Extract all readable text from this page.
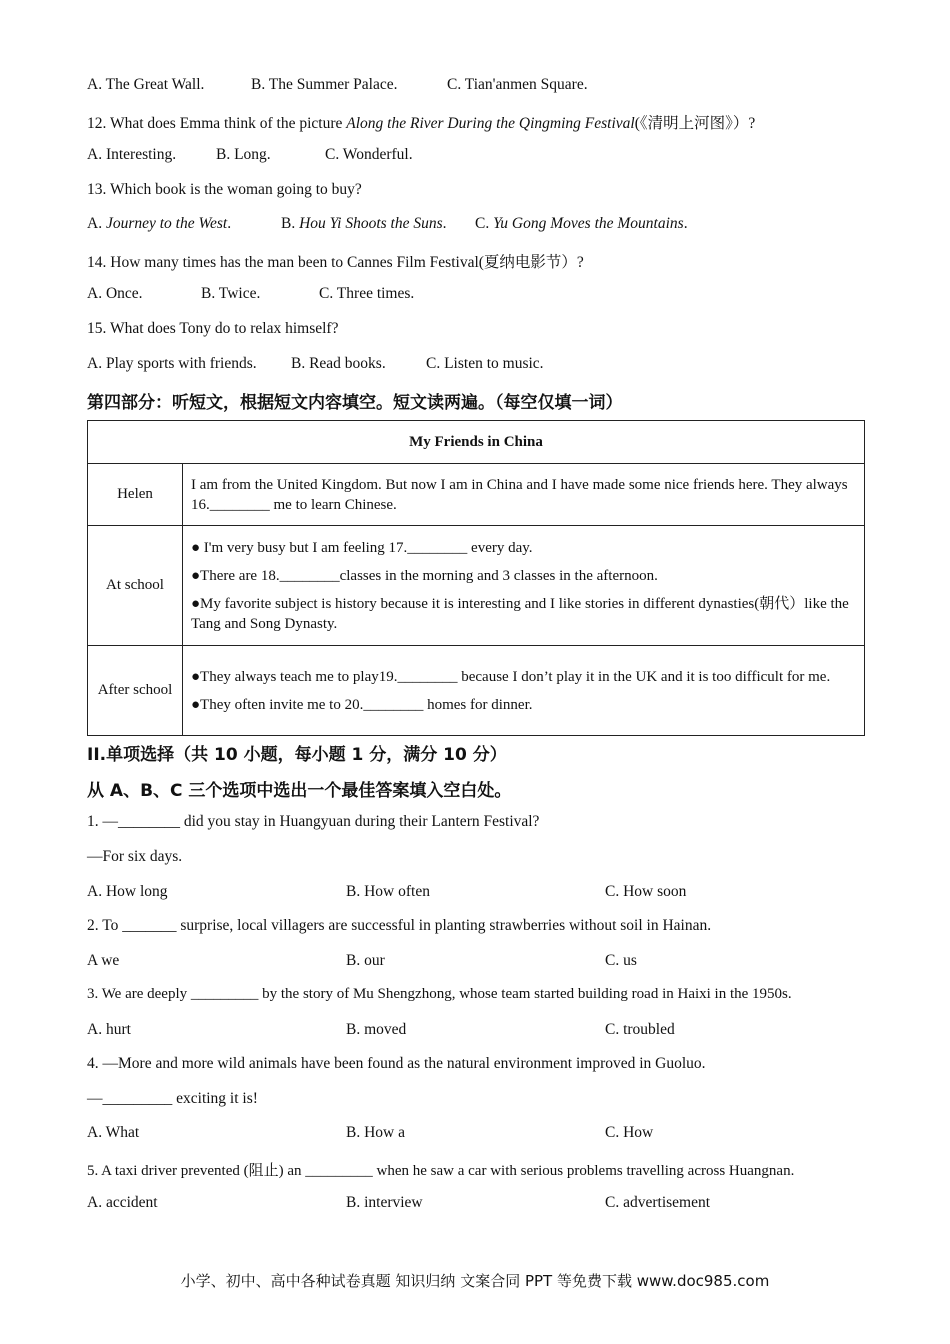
A. The Great Wall.	B. The Summer Palace.	C. Tian'anmen Square.
12. What does Emma think of the picture Along the River During the Qingming Festival(《清明上河图》）?
A. Interesting.	B. Long.	C. Wonderful.
13. Which book is the woman going to buy?
A. Journey to the West.	B. Hou Yi Shoots the Suns. C. Yu Gong Moves the Mountains.
14. How many times has the man been to Cannes Film Festival(夏纳电影节）?
A. Once.	B. Twice.	C. Three times.
15. What does Tony do to relax himself?
A. Play sports with friends. B. Read books.	C. Listen to music.
第四部分：听短文，根据短文内容填空。短文读两遍。（每空仅填一词）
My Friends in China	
Helen	I am from the United Kingdom. But now I am in China and I have made some nice friends here. They always 16.________ me to learn Chinese.

At school	● I'm very busy but I am feeling 17.________ every day.

●There are 18.________classes in the morning and 3 classes in the afternoon.

●My favorite subject is history because it is interesting and I like stories in different dynasties(朝代）like the Tang and Song Dynasty.

After school	●They always teach me to play19.________ because I don’t play it in the UK and it is too difficult for me.

●They often invite me to 20.________ homes for dinner.

II.单项选择（共 10 小题，每小题 1 分，满分 10 分）
从 A、B、C 三个选项中选出一个最佳答案填入空白处。
1. —________ did you stay in Huangyuan during their Lantern Festival?
—For six days.
A. How long	B. How often	C. How soon
2. To _______ surprise, local villagers are successful in planting strawberries without soil in Hainan.
A we	B. our	C. us
3. We are deeply _________ by the story of Mu Shengzhong, whose team started building road in Haixi in the 1950s.
A. hurt	B. moved	C. troubled
4. —More and more wild animals have been found as the natural environment improved in Guoluo.
—_________ exciting it is!
A. What	B. How a	C. How
5. A taxi driver prevented (阻止) an _________ when he saw a car with serious problems travelling across Huangnan.
A. accident	B. interview	C. advertisement
小学、初中、高中各种试卷真题 知识归纳 文案合同 PPT 等免费下载 www.doc985.com
